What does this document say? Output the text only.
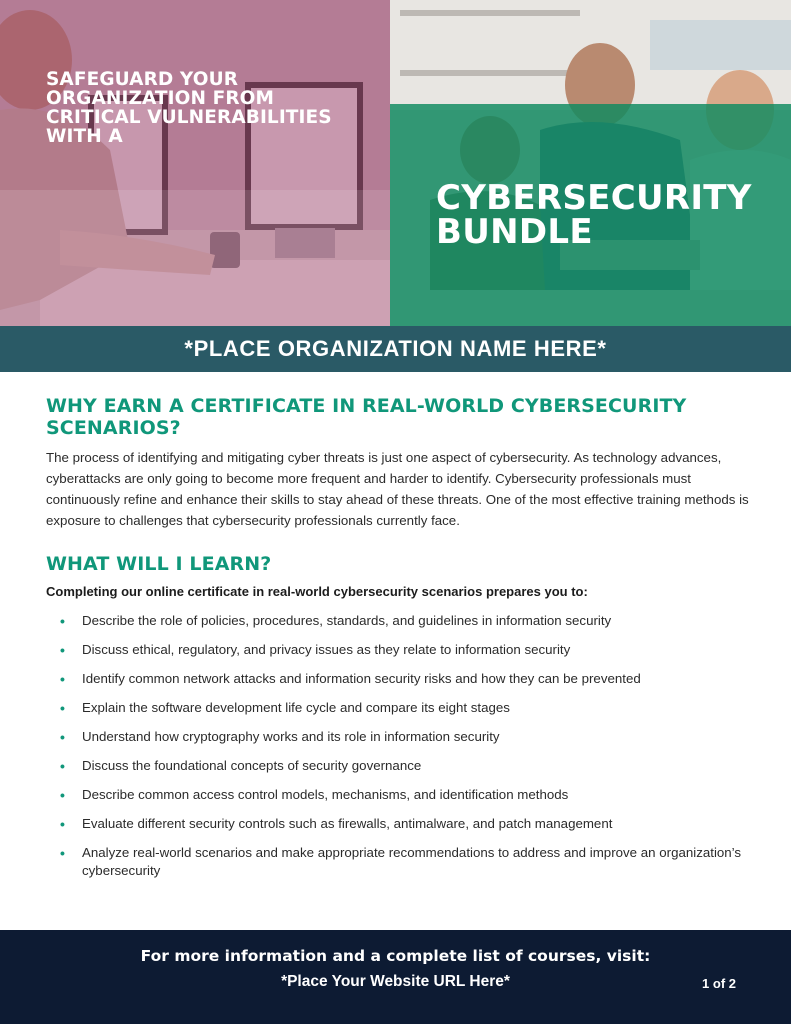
SAFEGUARD YOUR ORGANIZATION FROM CRITICAL VULNERABILITIES WITH A
CYBERSECURITY
BUNDLE
*PLACE ORGANIZATION NAME HERE*
WHY EARN A CERTIFICATE IN REAL-WORLD CYBERSECURITY SCENARIOS?

The process of identifying and mitigating cyber threats is just one aspect of cybersecurity. As technology advances, cyberattacks are only going to become more frequent and harder to identify. Cybersecurity professionals must continuously refine and enhance their skills to stay ahead of these threats. One of the most effective training methods is exposure to challenges that cybersecurity professionals currently face.

WHAT WILL I LEARN?

Completing our online certificate in real-world cybersecurity scenarios prepares you to:

• Describe the role of policies, procedures, standards, and guidelines in information security
• Discuss ethical, regulatory, and privacy issues as they relate to information security
• Identify common network attacks and information security risks and how they can be prevented
• Explain the software development life cycle and compare its eight stages
• Understand how cryptography works and its role in information security
• Discuss the foundational concepts of security governance
• Describe common access control models, mechanisms, and identification methods
• Evaluate different security controls such as firewalls, antimalware, and patch management
• Analyze real-world scenarios and make appropriate recommendations to address and improve an organization’s cybersecurity
For more information and a complete list of courses, visit:
*Place Your Website URL Here*	1 of 2
